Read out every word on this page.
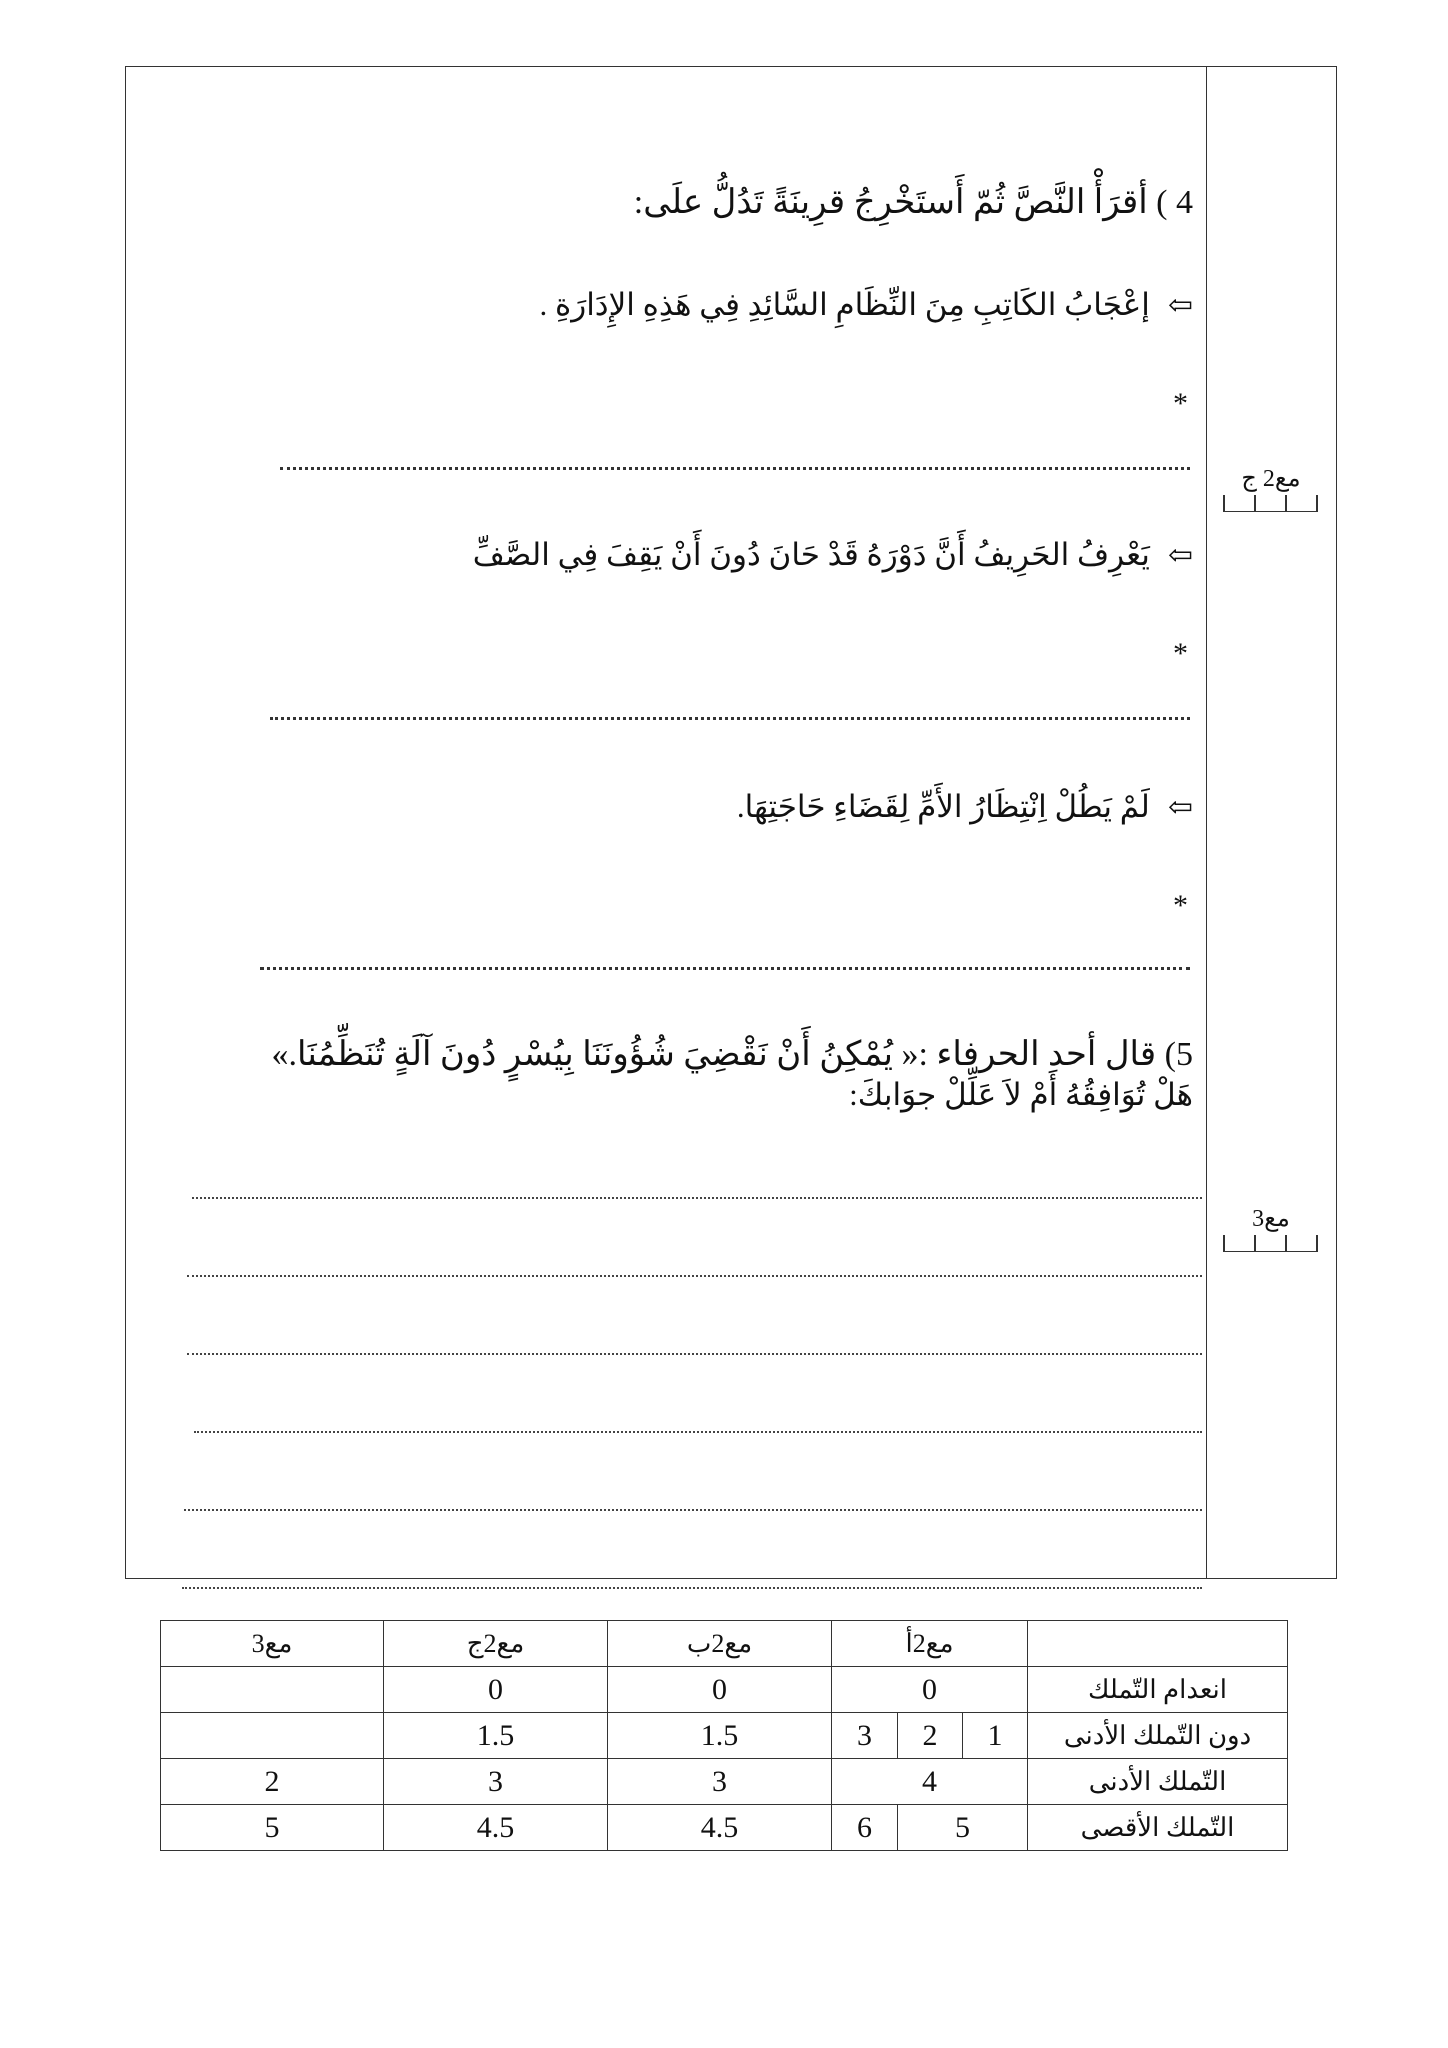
4 ) أقرَأْ النَّصَّ ثُمّ أَستَخْرِجُ قرِينَةً تَدُلُّ علَى:
⇦إعْجَابُ الكَاتِبِ مِنَ النِّظَامِ السَّائِدِ فِي هَذِهِ الإِدَارَةِ .
*
⇦يَعْرِفُ الحَرِيفُ أَنَّ دَوْرَهُ قَدْ حَانَ دُونَ أَنْ يَقِفَ فِي الصَّفِّ
*
⇦لَمْ يَطُلْ اِنْتِظَارُ الأَمِّ لِقَضَاءِ حَاجَتِهَا.
*
5) قال أحد الحرفاء :« يُمْكِنُ أَنْ نَقْضِيَ شُؤُونَنَا بِيُسْرٍ دُونَ آلَةٍ تُنَظِّمُنَا.»
هَلْ تُوَافِقُهُ أَمْ لاَ عَلِّلْ جوَابكَ:
مع2 ج
مع3
	مع2أ			مع2ب	مع2ج	مع3
انعدام التّملك	0			0	0	
دون التّملك الأدنى	1	2	3	1.5	1.5	
التّملك الأدنى	4			3	3	2
التّملك الأقصى	5		6	4.5	4.5	5
